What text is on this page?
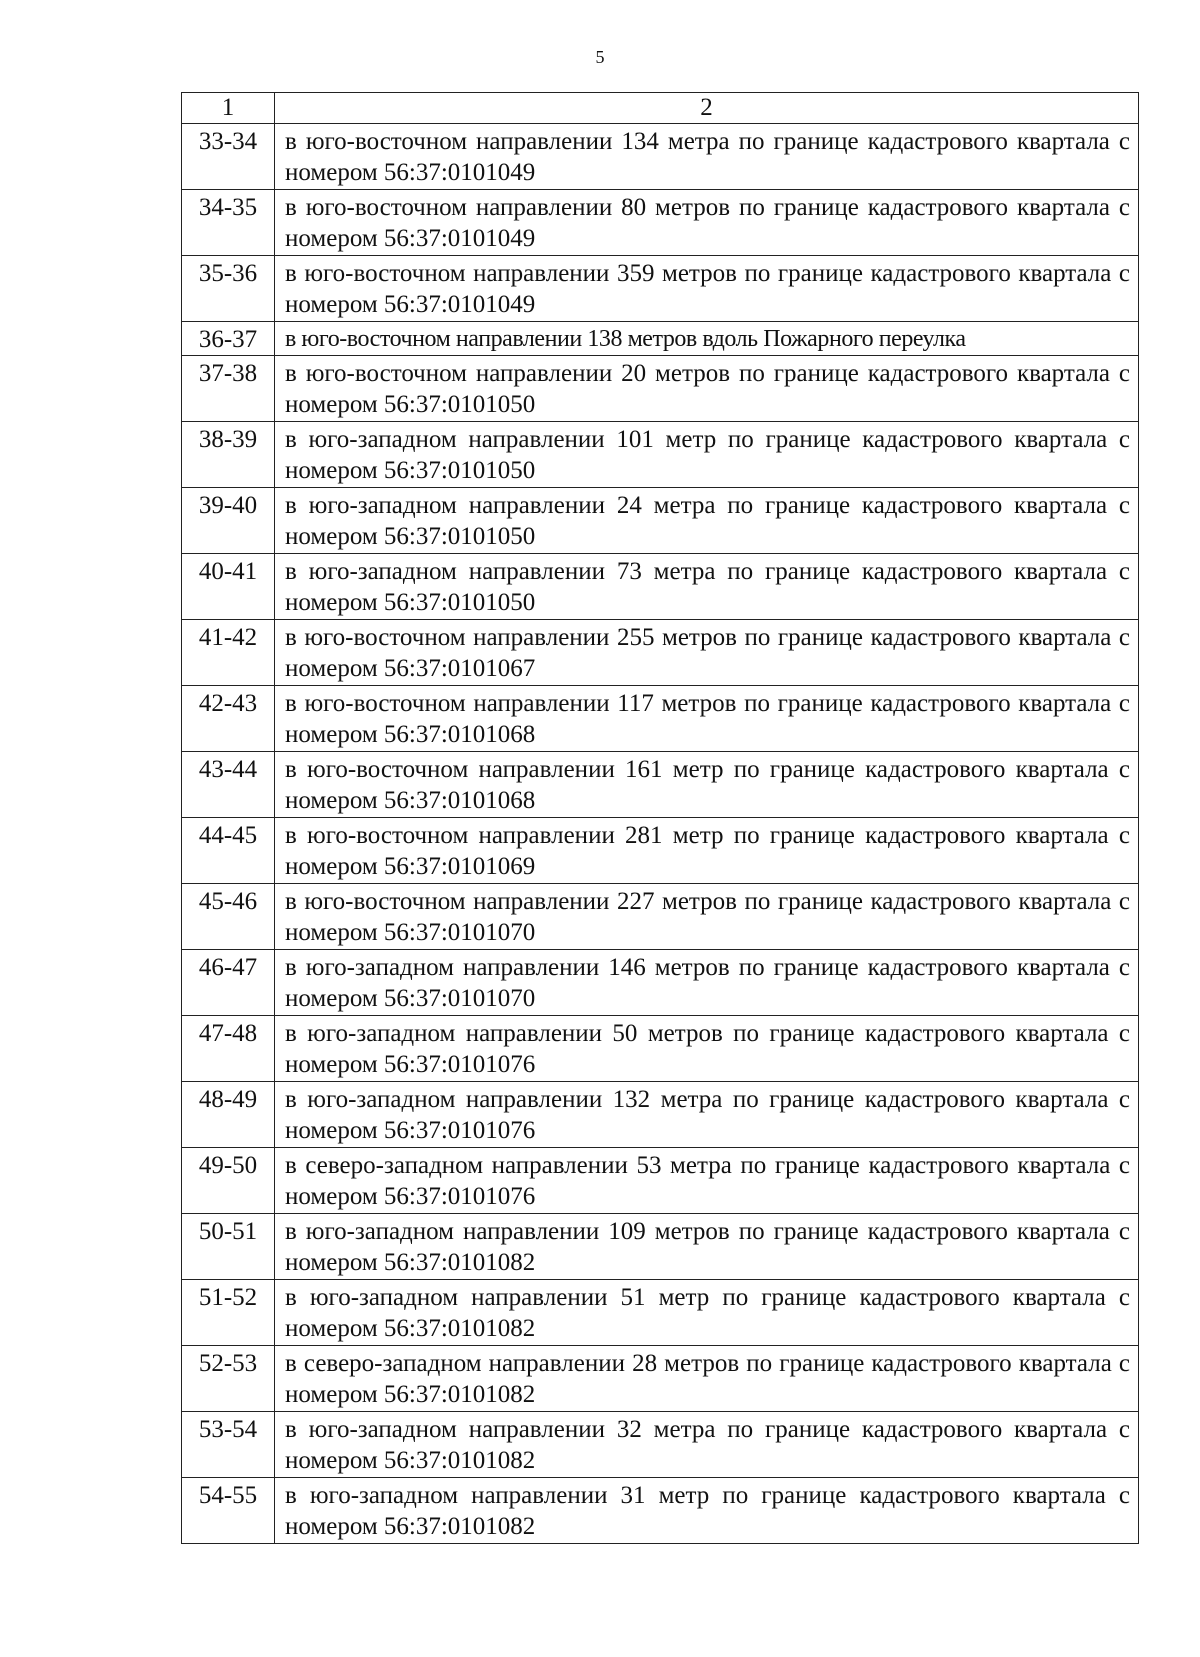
5
1	2
33-34	в юго-восточном направлении 134 метра по границе кадастрового квартала с номером 56:37:0101049
34-35	в юго-восточном направлении 80 метров по границе кадастрового квартала с номером 56:37:0101049
35-36	в юго-восточном направлении 359 метров по границе кадастрового квартала с номером 56:37:0101049
36-37	в юго-восточном направлении 138 метров вдоль Пожарного переулка
37-38	в юго-восточном направлении 20 метров по границе кадастрового квартала с номером 56:37:0101050
38-39	в юго-западном направлении 101 метр по границе кадастрового квартала с номером 56:37:0101050
39-40	в юго-западном направлении 24 метра по границе кадастрового квартала с номером 56:37:0101050
40-41	в юго-западном направлении 73 метра по границе кадастрового квартала с номером 56:37:0101050
41-42	в юго-восточном направлении 255 метров по границе кадастрового квартала с номером 56:37:0101067
42-43	в юго-восточном направлении 117 метров по границе кадастрового квартала с номером 56:37:0101068
43-44	в юго-восточном направлении 161 метр по границе кадастрового квартала с номером 56:37:0101068
44-45	в юго-восточном направлении 281 метр по границе кадастрового квартала с номером 56:37:0101069
45-46	в юго-восточном направлении 227 метров по границе кадастрового квартала с номером 56:37:0101070
46-47	в юго-западном направлении 146 метров по границе кадастрового квартала с номером 56:37:0101070
47-48	в юго-западном направлении 50 метров по границе кадастрового квартала с номером 56:37:0101076
48-49	в юго-западном направлении 132 метра по границе кадастрового квартала с номером 56:37:0101076
49-50	в северо-западном направлении 53 метра по границе кадастрового квартала с номером 56:37:0101076
50-51	в юго-западном направлении 109 метров по границе кадастрового квартала с номером 56:37:0101082
51-52	в юго-западном направлении 51 метр по границе кадастрового квартала с номером 56:37:0101082
52-53	в северо-западном направлении 28 метров по границе кадастрового квартала с номером 56:37:0101082
53-54	в юго-западном направлении 32 метра по границе кадастрового квартала с номером 56:37:0101082
54-55	в юго-западном направлении 31 метр по границе кадастрового квартала с номером 56:37:0101082
